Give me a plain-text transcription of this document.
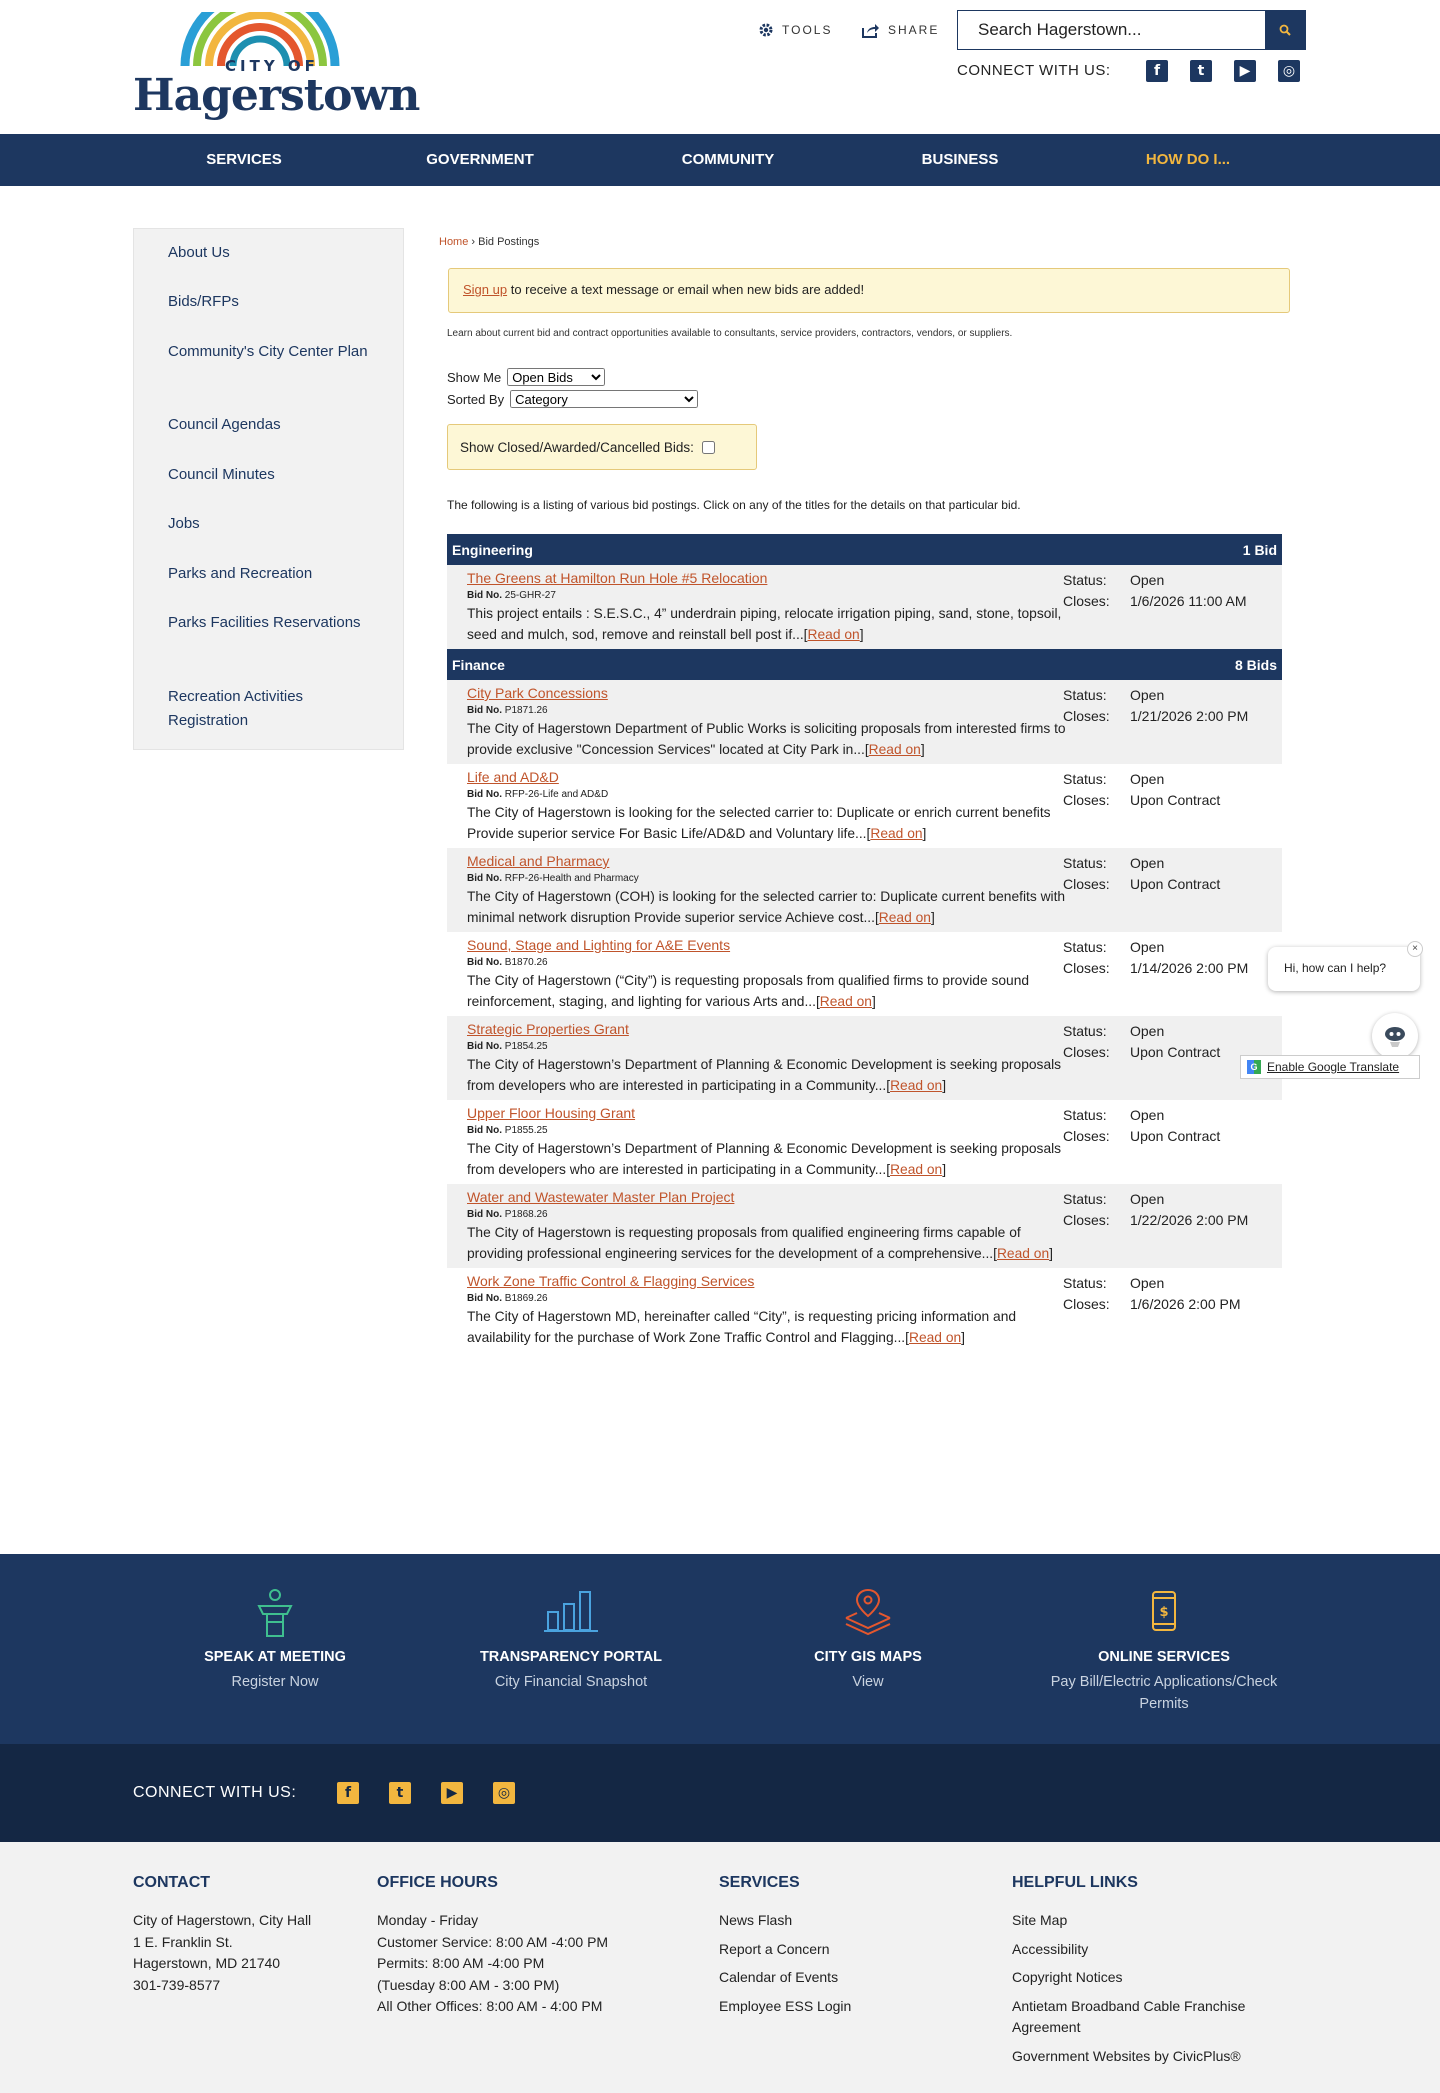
CITY OF
Hagerstown
TOOLS	SHARE
Search Hagerstown...
CONNECT WITH US:	f	t	▶	◎
SERVICES	GOVERNMENT	COMMUNITY	BUSINESS	HOW DO I...
About Us
Bids/RFPs
Community's City Center Plan
Council Agendas
Council Minutes
Jobs
Parks and Recreation
Parks Facilities Reservations
Recreation Activities Registration
Home › Bid Postings
Sign up to receive a text message or email when new bids are added!
Learn about current bid and contract opportunities available to consultants, service providers, contractors, vendors, or suppliers.
Show Me
Open Bids
Sorted By
Category
Show Closed/Awarded/Cancelled Bids:
The following is a listing of various bid postings. Click on any of the titles for the details on that particular bid.
Engineering	1 Bid
The Greens at Hamilton Run Hole #5 Relocation
Bid No. 25-GHR-27
This project entails : S.E.S.C., 4” underdrain piping, relocate irrigation piping, sand, stone, topsoil, seed and mulch, sod, remove and reinstall bell post if...[Read on]
Status: Open
Closes: 1/6/2026 11:00 AM
Finance	8 Bids
City Park Concessions
Bid No. P1871.26
The City of Hagerstown Department of Public Works is soliciting proposals from interested firms to provide exclusive "Concession Services" located at City Park in...[Read on]
Status: Open
Closes: 1/21/2026 2:00 PM
Life and AD&D
Bid No. RFP-26-Life and AD&D
The City of Hagerstown is looking for the selected carrier to: Duplicate or enrich current benefits Provide superior service For Basic Life/AD&D and Voluntary life...[Read on]
Status: Open
Closes: Upon Contract
Medical and Pharmacy
Bid No. RFP-26-Health and Pharmacy
The City of Hagerstown (COH) is looking for the selected carrier to: Duplicate current benefits with minimal network disruption Provide superior service Achieve cost...[Read on]
Status: Open
Closes: Upon Contract
Sound, Stage and Lighting for A&E Events
Bid No. B1870.26
The City of Hagerstown (“City”) is requesting proposals from qualified firms to provide sound reinforcement, staging, and lighting for various Arts and...[Read on]
Status: Open
Closes: 1/14/2026 2:00 PM
Strategic Properties Grant
Bid No. P1854.25
The City of Hagerstown’s Department of Planning & Economic Development is seeking proposals from developers who are interested in participating in a Community...[Read on]
Status: Open
Closes: Upon Contract
Upper Floor Housing Grant
Bid No. P1855.25
The City of Hagerstown’s Department of Planning & Economic Development is seeking proposals from developers who are interested in participating in a Community...[Read on]
Status: Open
Closes: Upon Contract
Water and Wastewater Master Plan Project
Bid No. P1868.26
The City of Hagerstown is requesting proposals from qualified engineering firms capable of providing professional engineering services for the development of a comprehensive...[Read on]
Status: Open
Closes: 1/22/2026 2:00 PM
Work Zone Traffic Control & Flagging Services
Bid No. B1869.26
The City of Hagerstown MD, hereinafter called “City”, is requesting pricing information and availability for the purchase of Work Zone Traffic Control and Flagging...[Read on]
Status: Open
Closes: 1/6/2026 2:00 PM
Hi, how can I help?
×
G Enable Google Translate
SPEAK AT MEETING
Register Now
TRANSPARENCY PORTAL
City Financial Snapshot
CITY GIS MAPS
View
$
ONLINE SERVICES
Pay Bill/Electric Applications/Check Permits
CONNECT WITH US:	f	t	▶	◎
CONTACT
City of Hagerstown, City Hall
1 E. Franklin St.
Hagerstown, MD 21740
301-739-8577
OFFICE HOURS
Monday - Friday
Customer Service: 8:00 AM -4:00 PM
Permits: 8:00 AM -4:00 PM
(Tuesday 8:00 AM - 3:00 PM)
All Other Offices: 8:00 AM - 4:00 PM
SERVICES
News Flash
Report a Concern
Calendar of Events
Employee ESS Login
HELPFUL LINKS
Site Map
Accessibility
Copyright Notices
Antietam Broadband Cable Franchise Agreement
Government Websites by CivicPlus®
